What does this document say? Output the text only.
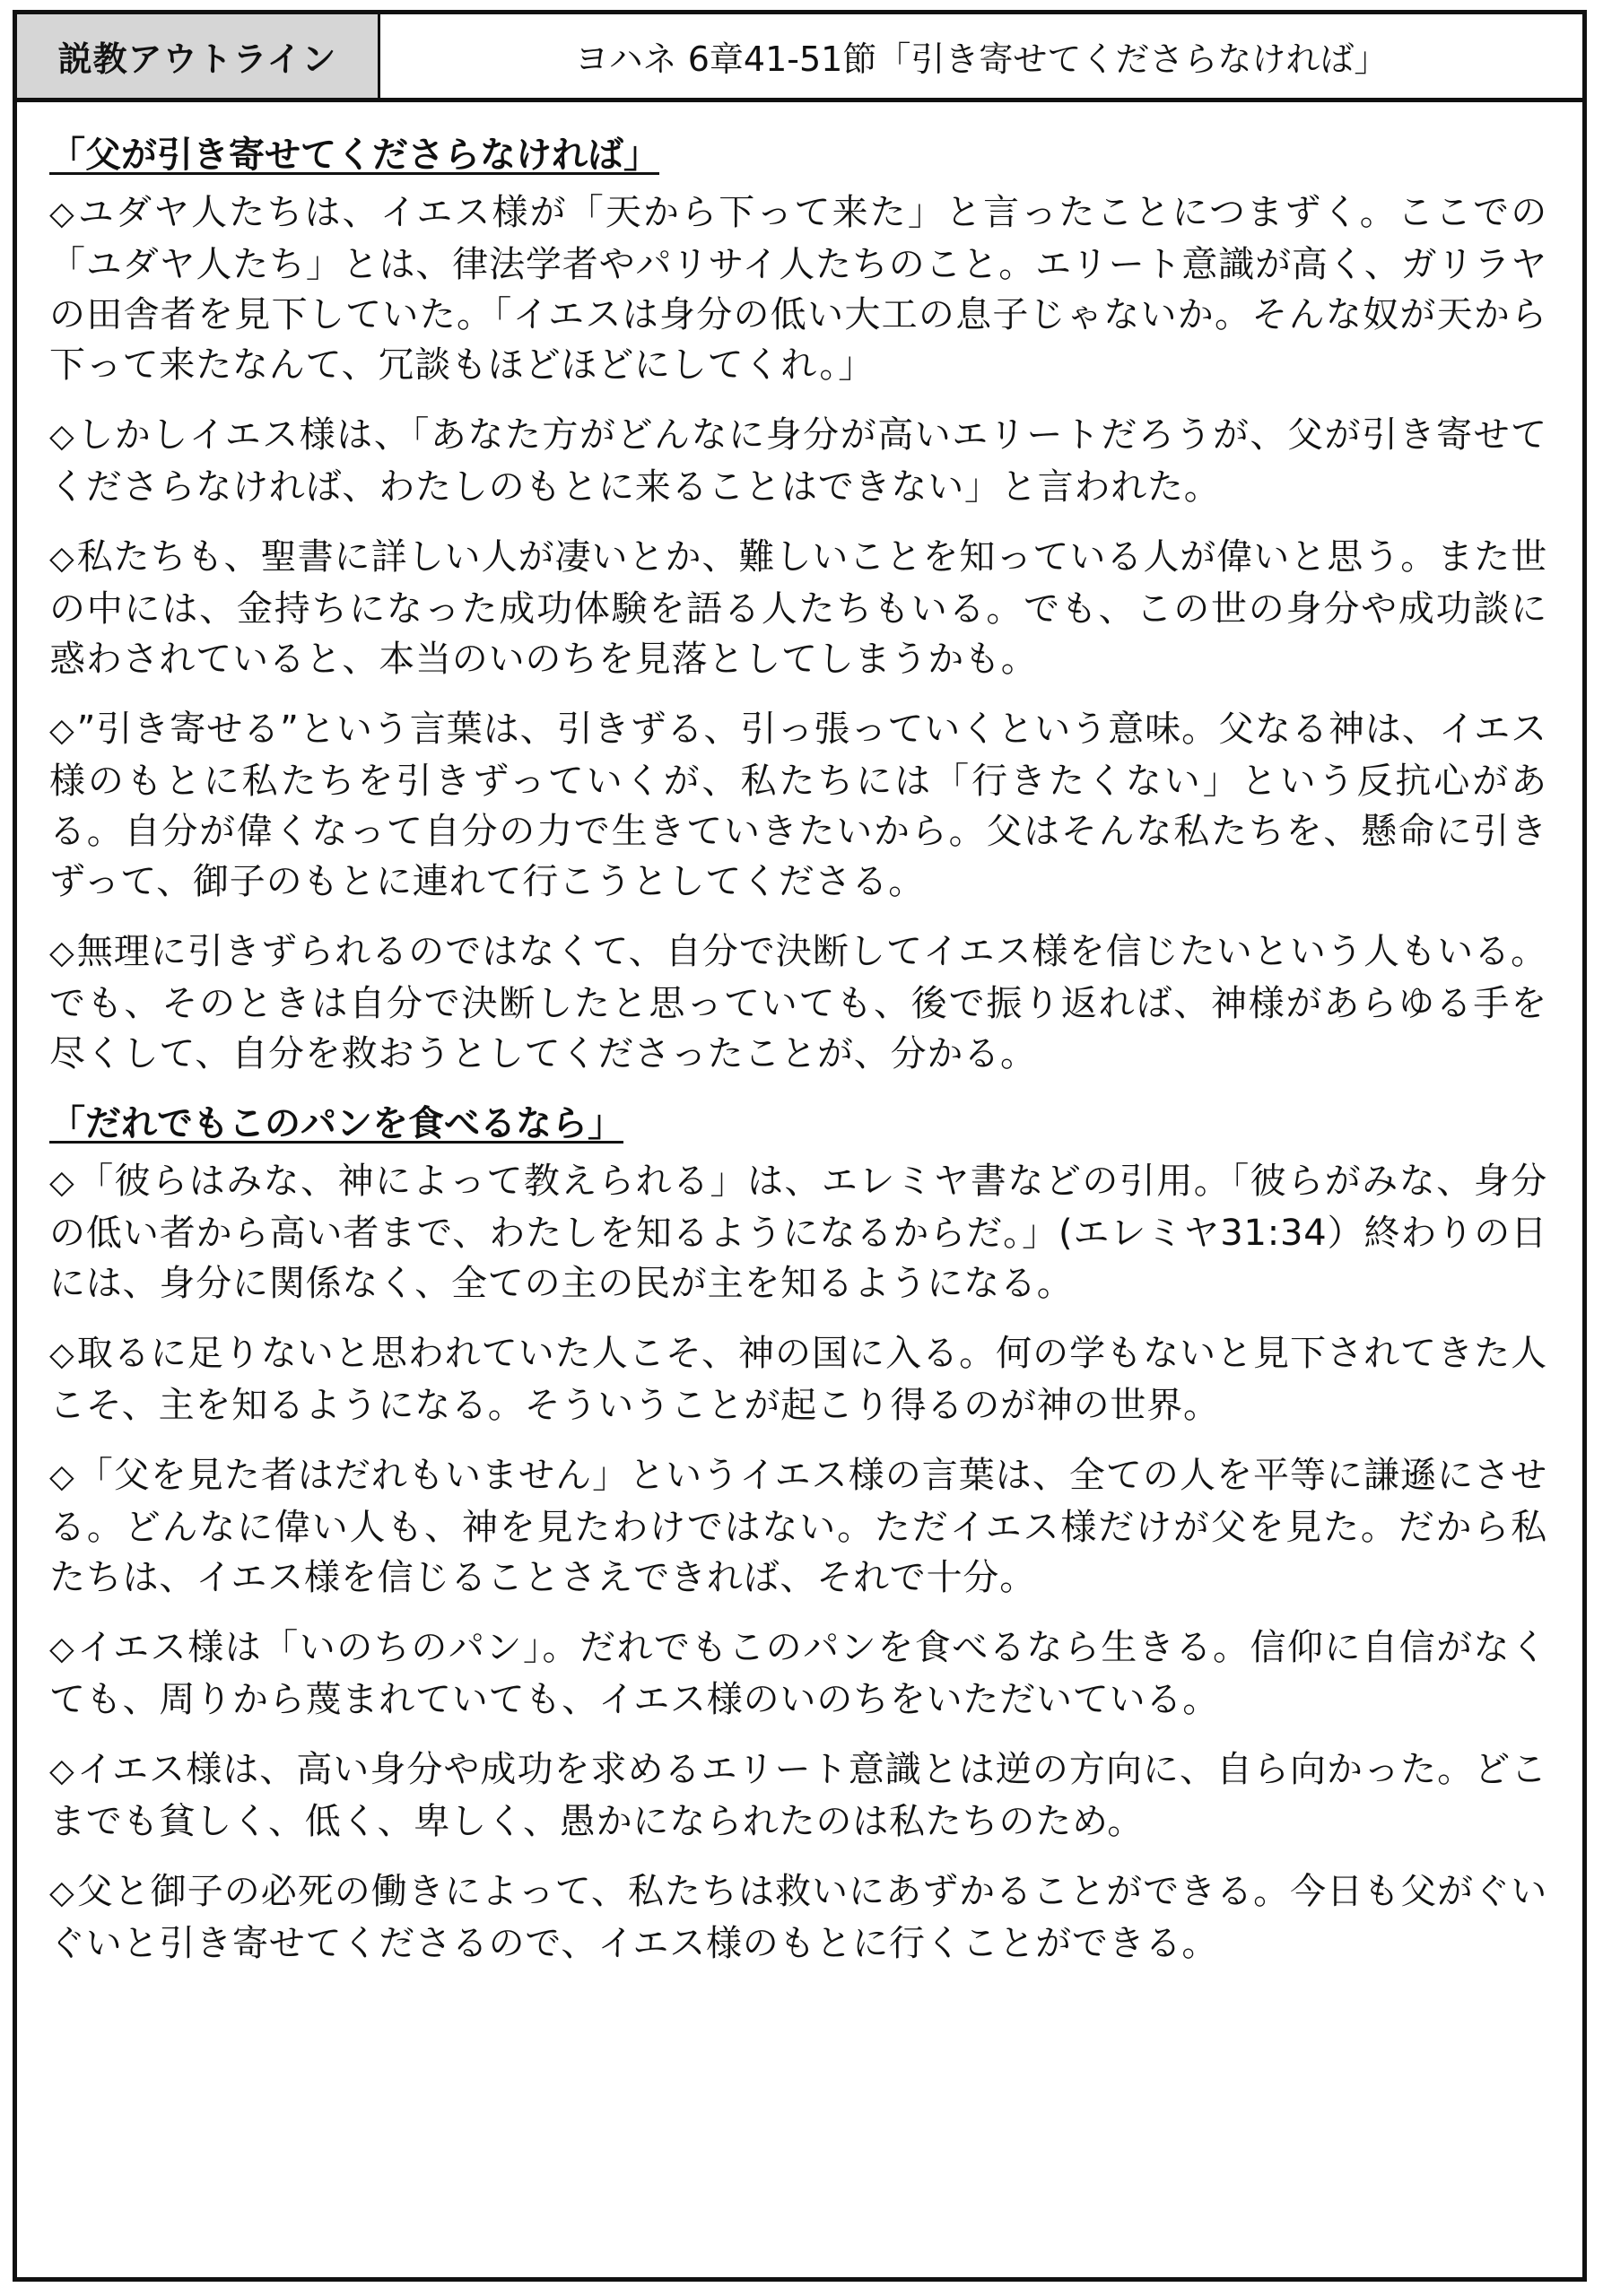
説教アウトライン	ヨハネ 6章41-51節「引き寄せてくださらなければ」
「父が引き寄せてくださらなければ」

◇ユダヤ人たちは、イエス様が「天から下って来た」と言ったことにつまずく。ここでの「ユダヤ人たち」とは、律法学者やパリサイ人たちのこと。エリート意識が高く、ガリラヤの田舎者を見下していた。「イエスは身分の低い大工の息子じゃないか。そんな奴が天から下って来たなんて、冗談もほどほどにしてくれ。」

◇しかしイエス様は、「あなた方がどんなに身分が高いエリートだろうが、父が引き寄せてくださらなければ、わたしのもとに来ることはできない」と言われた。

◇私たちも、聖書に詳しい人が凄いとか、難しいことを知っている人が偉いと思う。また世の中には、金持ちになった成功体験を語る人たちもいる。でも、この世の身分や成功談に惑わされていると、本当のいのちを見落としてしまうかも。

◇”引き寄せる”という言葉は、引きずる、引っ張っていくという意味。父なる神は、イエス様のもとに私たちを引きずっていくが、私たちには「行きたくない」という反抗心がある。自分が偉くなって自分の力で生きていきたいから。父はそんな私たちを、懸命に引きずって、御子のもとに連れて行こうとしてくださる。

◇無理に引きずられるのではなくて、自分で決断してイエス様を信じたいという人もいる。でも、そのときは自分で決断したと思っていても、後で振り返れば、神様があらゆる手を尽くして、自分を救おうとしてくださったことが、分かる。

「だれでもこのパンを食べるなら」

◇「彼らはみな、神によって教えられる」は、エレミヤ書などの引用。「彼らがみな、身分の低い者から高い者まで、わたしを知るようになるからだ。」(エレミヤ31:34）終わりの日には、身分に関係なく、全ての主の民が主を知るようになる。

◇取るに足りないと思われていた人こそ、神の国に入る。何の学もないと見下されてきた人こそ、主を知るようになる。そういうことが起こり得るのが神の世界。

◇「父を見た者はだれもいません」というイエス様の言葉は、全ての人を平等に謙遜にさせる。どんなに偉い人も、神を見たわけではない。ただイエス様だけが父を見た。だから私たちは、イエス様を信じることさえできれば、それで十分。

◇イエス様は「いのちのパン」。だれでもこのパンを食べるなら生きる。信仰に自信がなくても、周りから蔑まれていても、イエス様のいのちをいただいている。

◇イエス様は、高い身分や成功を求めるエリート意識とは逆の方向に、自ら向かった。どこまでも貧しく、低く、卑しく、愚かになられたのは私たちのため。

◇父と御子の必死の働きによって、私たちは救いにあずかることができる。今日も父がぐいぐいと引き寄せてくださるので、イエス様のもとに行くことができる。
